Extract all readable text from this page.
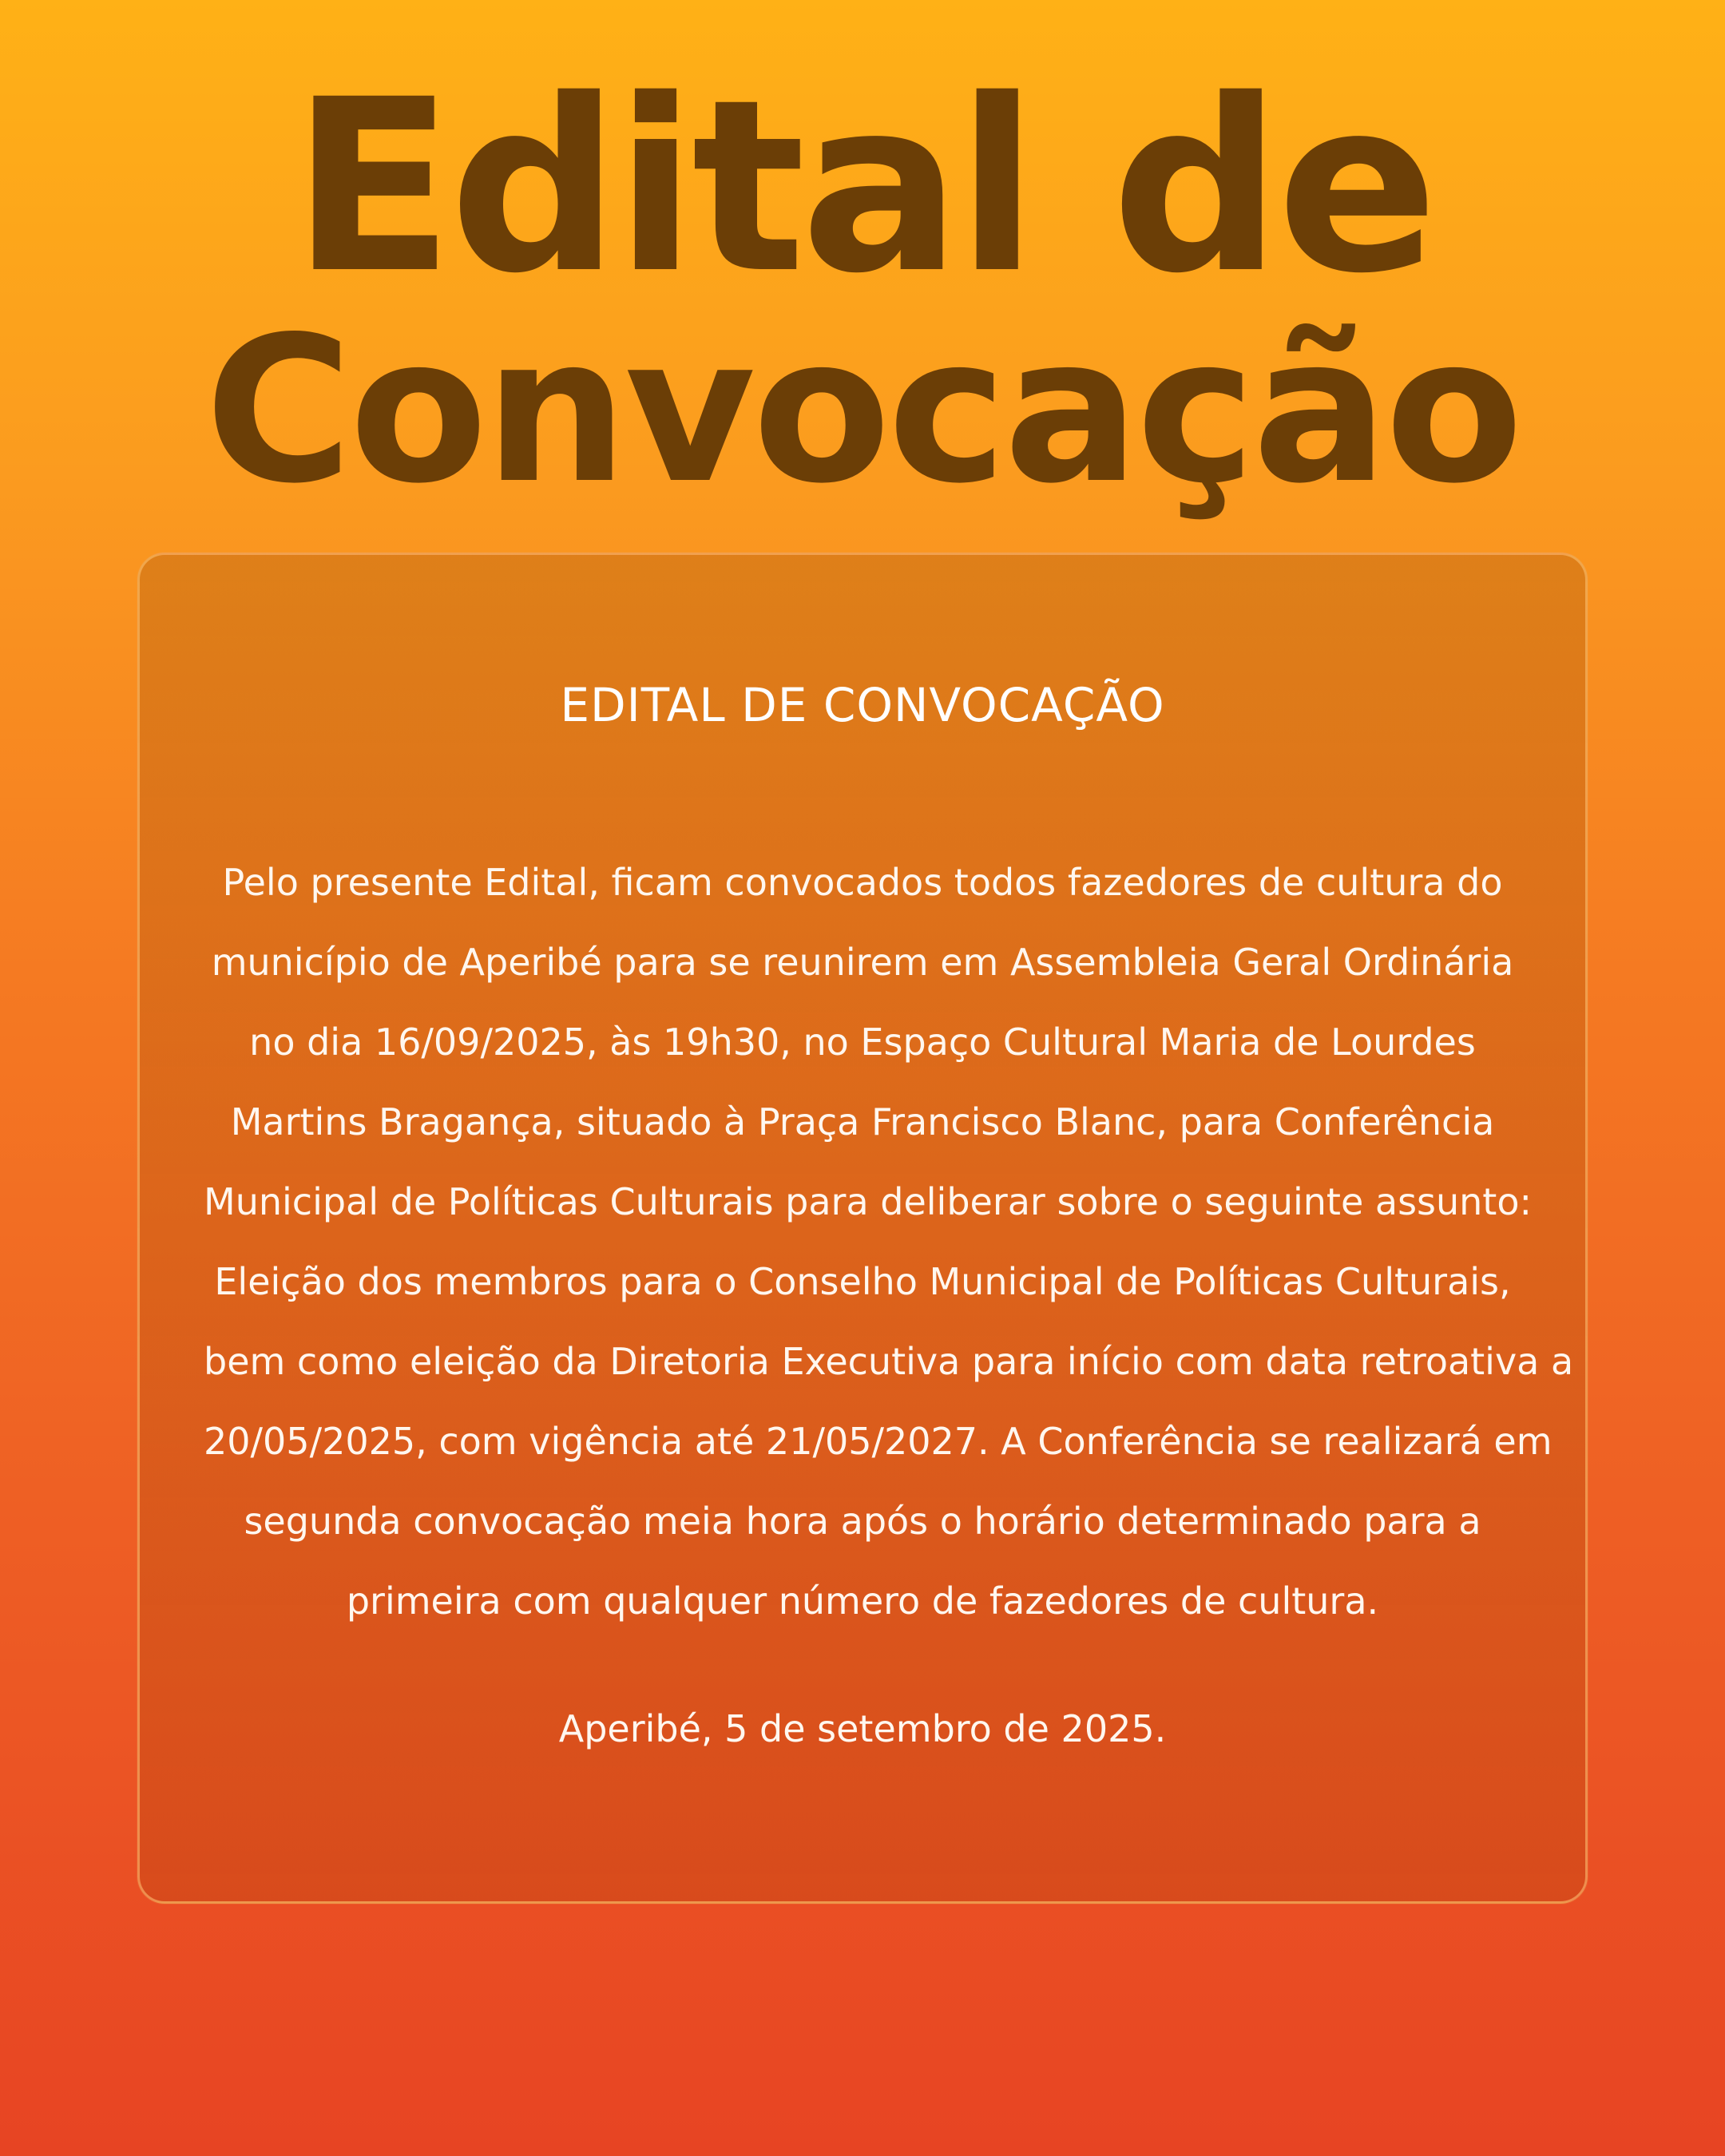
Edital de
Convocação
EDITAL DE CONVOCAÇÃO

Pelo presente Edital, ficam convocados todos fazedores de cultura do
município de Aperibé para se reunirem em Assembleia Geral Ordinária
no dia 16/09/2025, às 19h30, no Espaço Cultural Maria de Lourdes
Martins Bragança, situado à Praça Francisco Blanc, para Conferência
Municipal de Políticas Culturais para deliberar sobre o seguinte assunto:
Eleição dos membros para o Conselho Municipal de Políticas Culturais,
bem como eleição da Diretoria Executiva para início com data retroativa a
20/05/2025, com vigência até 21/05/2027. A Conferência se realizará em
segunda convocação meia hora após o horário determinado para a
primeira com qualquer número de fazedores de cultura.

Aperibé, 5 de setembro de 2025.
